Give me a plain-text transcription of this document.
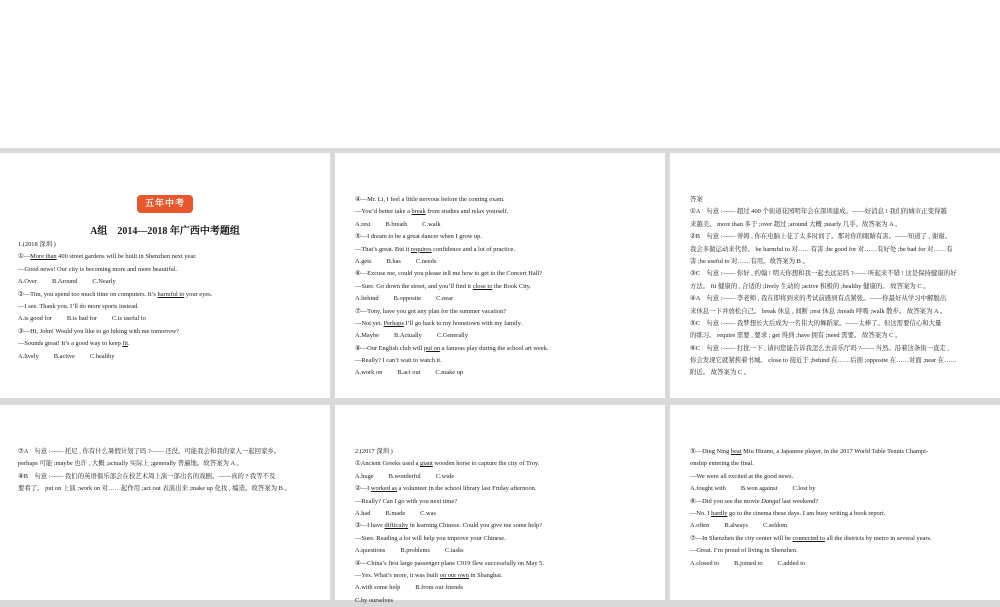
五年中考
A组　2014—2018 年广西中考题组
1.(2018 深圳 )
①—More than 400 street gardens will be built in Shenzhen next year.
—Good news! Our city is becoming more and more beautiful.
A.Over B.Around C.Nearly
②—Tim, you spend too much time on computers. It’s harmful to your eyes.
—I see. Thank you. I’ll do more sports instead.
A.is good for B.is bad for C.is useful to
③—Hi, John! Would you like to go hiking with me tomorrow?
—Sounds great! It’s a good way to keep fit.
A.lively B.active C.healthy
④—Mr. Li, I feel a little nervous before the coming exam.
—You’d better take a break from studies and relax yourself.
A.rest B.breath C.walk
⑤—I dream to be a great dancer when I grow up.
—That’s great. But it requires confidence and a lot of practice.
A.gets B.has C.needs
⑥—Excuse me, could you please tell me how to get to the Concert Hall?
—Sure. Go down the street, and you’ll find it close to the Book City.
A.behind B.opposite C.near
⑦—Tony, have you got any plan for the summer vacation?
—Not yet. Perhaps I’ll go back to my hometown with my family.
A.Maybe B.Actually C.Generally
⑧—Our English club will put on a famous play during the school art week.
—Really? I can’t wait to watch it.
A.work on B.act out C.make up
答案
①A　句意 :—— 超过 400 个街道花园明年会在深圳建成。——好消息 ! 我们的城市正变得越
来越美。 more than 多于 ;over 超过 ;around 大概 ;nearly 几乎。故答案为 A 。
②B　句意 :—— 蒂姆 , 你在电脑上花了太多时间了。那对你的眼睛有害。——知道了 , 谢谢。
我会多做运动来代替。 be harmful to 对……有害 ;be good for 对……有好处 ;be bad for 对……有
害 ;be useful to 对……有用。故答案为 B 。
③C　句意 :—— 你好 , 约翰 ! 明天你想和我一起去远足吗 ?—— 听起来不错 ! 这是保持健康的好
方法。 fit 健康的 , 合适的 ;lively 生动的 ;active 积极的 ;healthy 健康的。 故答案为 C 。
④A　句意 :—— 李老师 , 我在即将到来的考试前感到有点紧张。——你最好从学习中解脱出
来休息一下并放松自己。 break 休息 , 间断 ;rest 休息 ;breath 呼吸 ;walk 散步。 故答案为 A 。
⑤C　句意 :—— 我梦想长大后成为一名伟大的舞蹈家。——太棒了。但这需要信心和大量
的练习。 require 需要 , 要求 ; get 得到 ;have 拥有 ;need 需要。 故答案为 C 。
⑥C　句意 :—— 打扰一下 , 请问您能告诉我怎么去音乐厅吗 ?—— 当然。沿着这条街一直走 ,
你会发现它就紧挨着书城。 close to 接近于 ;behind 在……后面 ;opposite 在……对面 ;near 在……
附近。 故答案为 C 。
⑦A　句意 :—— 托尼 , 你有什么暑假计划了吗 ?—— 还没。可能我会和我的家人一起回家乡。
perhaps 可能 ;maybe 也许 , 大概 ;actually 实际上 ;generally 普遍地。故答案为 A 。
⑧B　句意 :—— 我们的英语俱乐部会在校艺术周上演一部出名的戏剧。——真的 ? 我等不及
要看了。 put on 上演 ;work on 对……起作用 ;act out 表演出来 ;make up 化妆 , 编造。故答案为 B 。
2.(2017 深圳 )
①Ancient Greeks used a giant wooden horse to capture the city of Troy.
A.huge B.wonderful C.wide
②—I worked as a volunteer in the school library last Friday afternoon.
—Really? Can I go with you next time?
A.had B.made C.was
③—I have difficulty in learning Chinese. Could you give me some help?
—Sure. Reading a lot will help you improve your Chinese.
A.questions B.problems C.tasks
④—China’s first large passenger plane C919 flew successfully on May 5.
—Yes. What’s more, it was built on our own in Shanghai.
A.with some help B.from our friends
C.by ourselves
⑤—Ding Ning beat Miu Hirano, a Japanese player, in the 2017 World Table Tennis Champi-
onship entering the final.
—We were all excited at the good news.
A.fought with B.won against C.lost by
⑥—Did you see the movie Dangal last weekend?
—No. I hardly go to the cinema these days. I am busy writing a book report.
A.often B.always C.seldom
⑦—In Shenzhen the city center will be connected to all the districts by metro in several years.
—Great. I’m proud of living in Shenzhen.
A.closed to B.joined to C.added to
